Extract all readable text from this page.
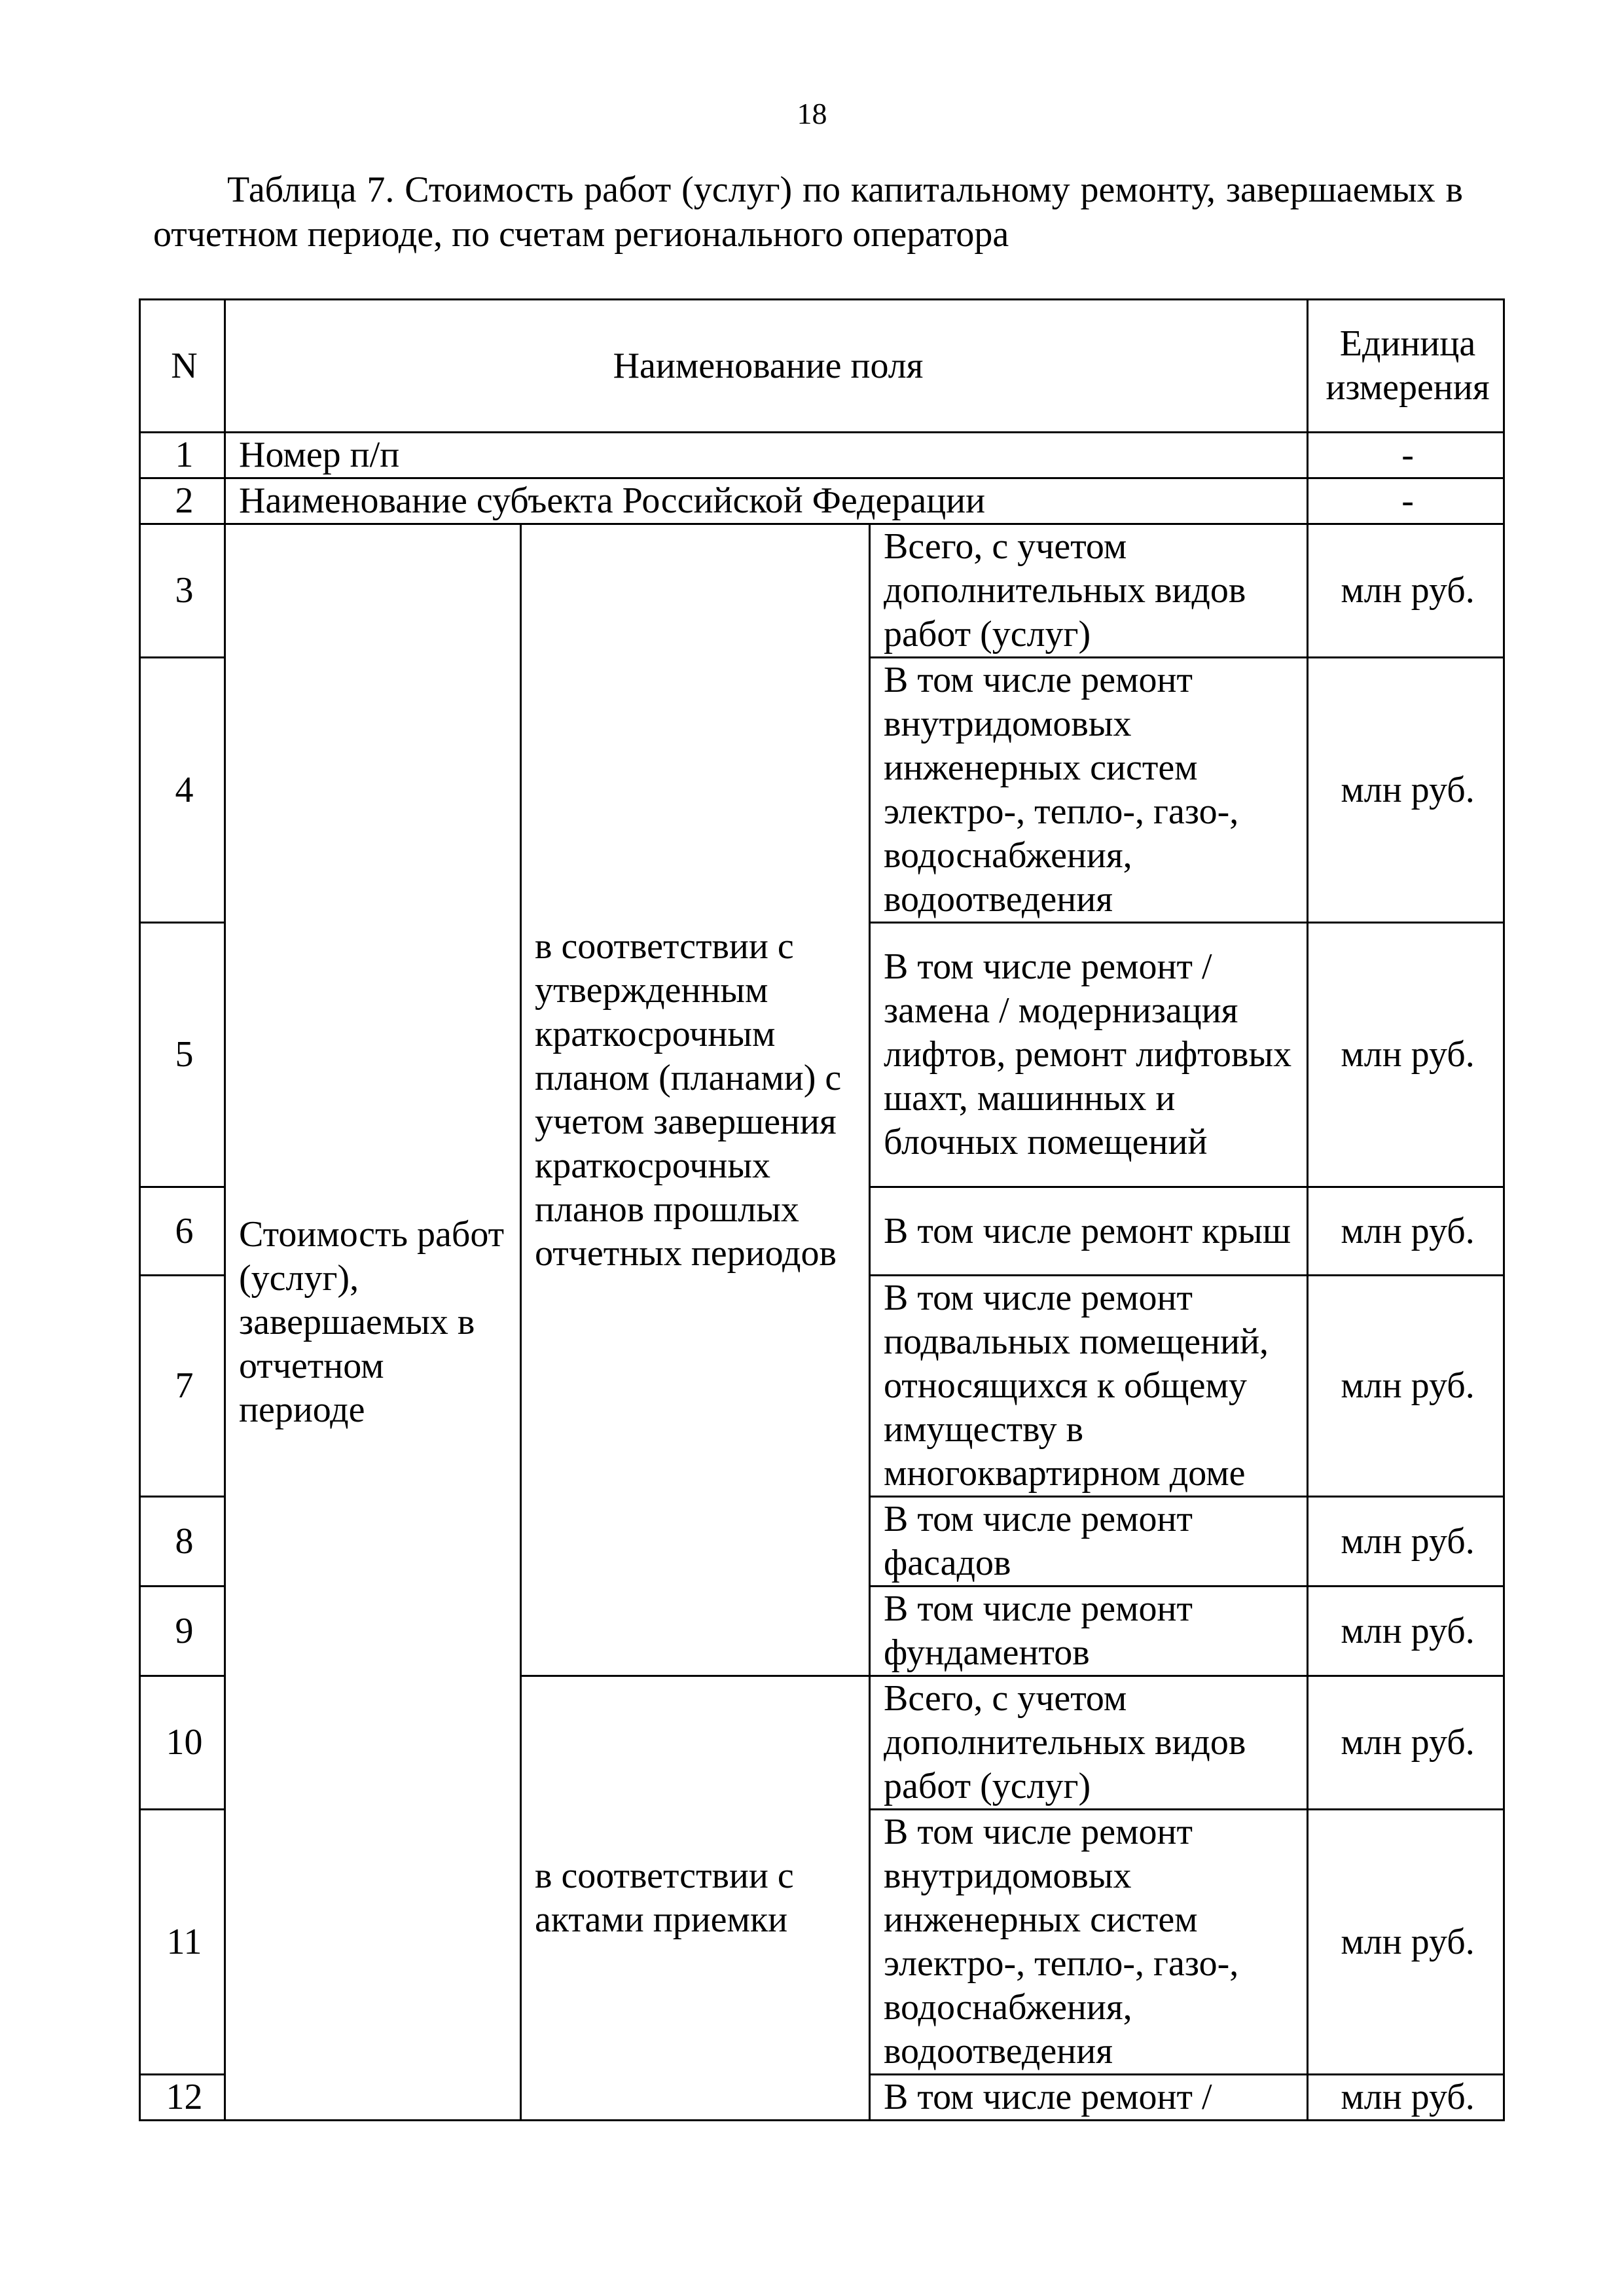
18
Таблица 7. Стоимость работ (услуг) по капитальному ремонту, завершаемых в отчетном периоде, по счетам регионального оператора
N	Наименование поля			Единица измерения
1	Номер п/п			-
2	Наименование субъекта Российской Федерации			-
3	Стоимость работ (услуг), завершаемых в отчетном периоде	в соответствии с утвержденным краткосрочным планом (планами) с учетом завершения краткосрочных планов прошлых отчетных периодов	Всего, с учетом дополнительных видов работ (услуг)	млн руб.
4			В том числе ремонт внутридомовых инженерных систем электро-, тепло-, газо-, водоснабжения, водоотведения	млн руб.
5			В том числе ремонт / замена / модернизация лифтов, ремонт лифтовых шахт, машинных и блочных помещений	млн руб.
6			В том числе ремонт крыш	млн руб.
7			В том числе ремонт подвальных помещений, относящихся к общему имуществу в многоквартирном доме	млн руб.
8			В том числе ремонт фасадов	млн руб.
9			В том числе ремонт фундаментов	млн руб.
10		в соответствии с актами приемки	Всего, с учетом дополнительных видов работ (услуг)	млн руб.
11			В том числе ремонт внутридомовых инженерных систем электро-, тепло-, газо-, водоснабжения, водоотведения	млн руб.
12			В том числе ремонт /	млн руб.
